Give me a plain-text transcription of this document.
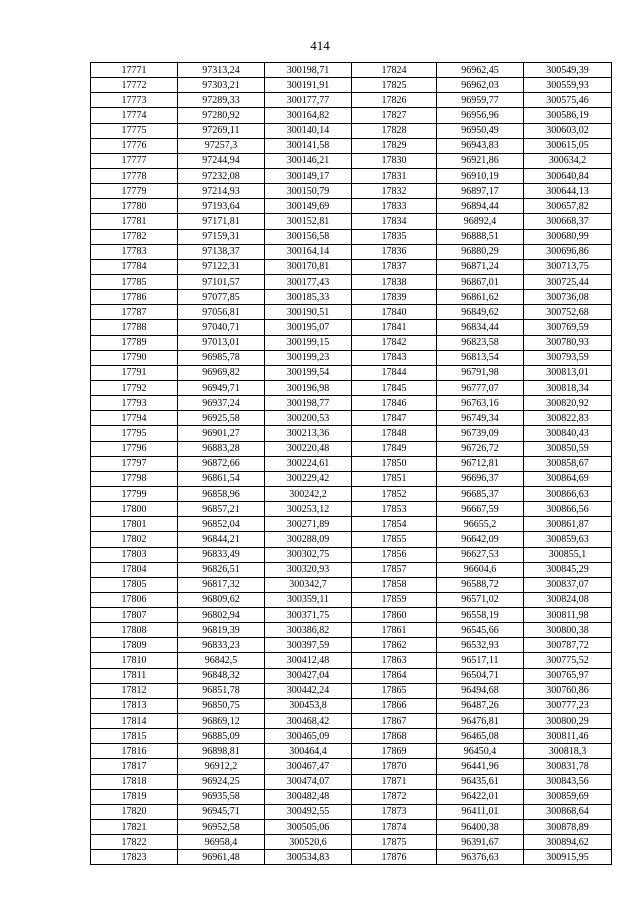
414
17771	97313,24	300198,71	17824	96962,45	300549,39
17772	97303,21	300191,91	17825	96962,03	300559,93
17773	97289,33	300177,77	17826	96959,77	300575,46
17774	97280,92	300164,82	17827	96956,96	300586,19
17775	97269,11	300140,14	17828	96950,49	300603,02
17776	97257,3	300141,58	17829	96943,83	300615,05
17777	97244,94	300146,21	17830	96921,86	300634,2
17778	97232,08	300149,17	17831	96910,19	300640,84
17779	97214,93	300150,79	17832	96897,17	300644,13
17780	97193,64	300149,69	17833	96894,44	300657,82
17781	97171,81	300152,81	17834	96892,4	300668,37
17782	97159,31	300156,58	17835	96888,51	300680,99
17783	97138,37	300164,14	17836	96880,29	300696,86
17784	97122,31	300170,81	17837	96871,24	300713,75
17785	97101,57	300177,43	17838	96867,01	300725,44
17786	97077,85	300185,33	17839	96861,62	300736,08
17787	97056,81	300190,51	17840	96849,62	300752,68
17788	97040,71	300195,07	17841	96834,44	300769,59
17789	97013,01	300199,15	17842	96823,58	300780,93
17790	96985,78	300199,23	17843	96813,54	300793,59
17791	96969,82	300199,54	17844	96791,98	300813,01
17792	96949,71	300196,98	17845	96777,07	300818,34
17793	96937,24	300198,77	17846	96763,16	300820,92
17794	96925,58	300200,53	17847	96749,34	300822,83
17795	96901,27	300213,36	17848	96739,09	300840,43
17796	96883,28	300220,48	17849	96726,72	300850,59
17797	96872,66	300224,61	17850	96712,81	300858,67
17798	96861,54	300229,42	17851	96696,37	300864,69
17799	96858,96	300242,2	17852	96685,37	300866,63
17800	96857,21	300253,12	17853	96667,59	300866,56
17801	96852,04	300271,89	17854	96655,2	300861,87
17802	96844,21	300288,09	17855	96642,09	300859,63
17803	96833,49	300302,75	17856	96627,53	300855,1
17804	96826,51	300320,93	17857	96604,6	300845,29
17805	96817,32	300342,7	17858	96588,72	300837,07
17806	96809,62	300359,11	17859	96571,02	300824,08
17807	96802,94	300371,75	17860	96558,19	300811,98
17808	96819,39	300386,82	17861	96545,66	300800,38
17809	96833,23	300397,59	17862	96532,93	300787,72
17810	96842,5	300412,48	17863	96517,11	300775,52
17811	96848,32	300427,04	17864	96504,71	300765,97
17812	96851,78	300442,24	17865	96494,68	300760,86
17813	96850,75	300453,8	17866	96487,26	300777,23
17814	96869,12	300468,42	17867	96476,81	300800,29
17815	96885,09	300465,09	17868	96465,08	300811,46
17816	96898,81	300464,4	17869	96450,4	300818,3
17817	96912,2	300467,47	17870	96441,96	300831,78
17818	96924,25	300474,07	17871	96435,61	300843,56
17819	96935,58	300482,48	17872	96422,01	300859,69
17820	96945,71	300492,55	17873	96411,01	300868,64
17821	96952,58	300505,06	17874	96400,38	300878,89
17822	96958,4	300520,6	17875	96391,67	300894,62
17823	96961,48	300534,83	17876	96376,63	300915,95
